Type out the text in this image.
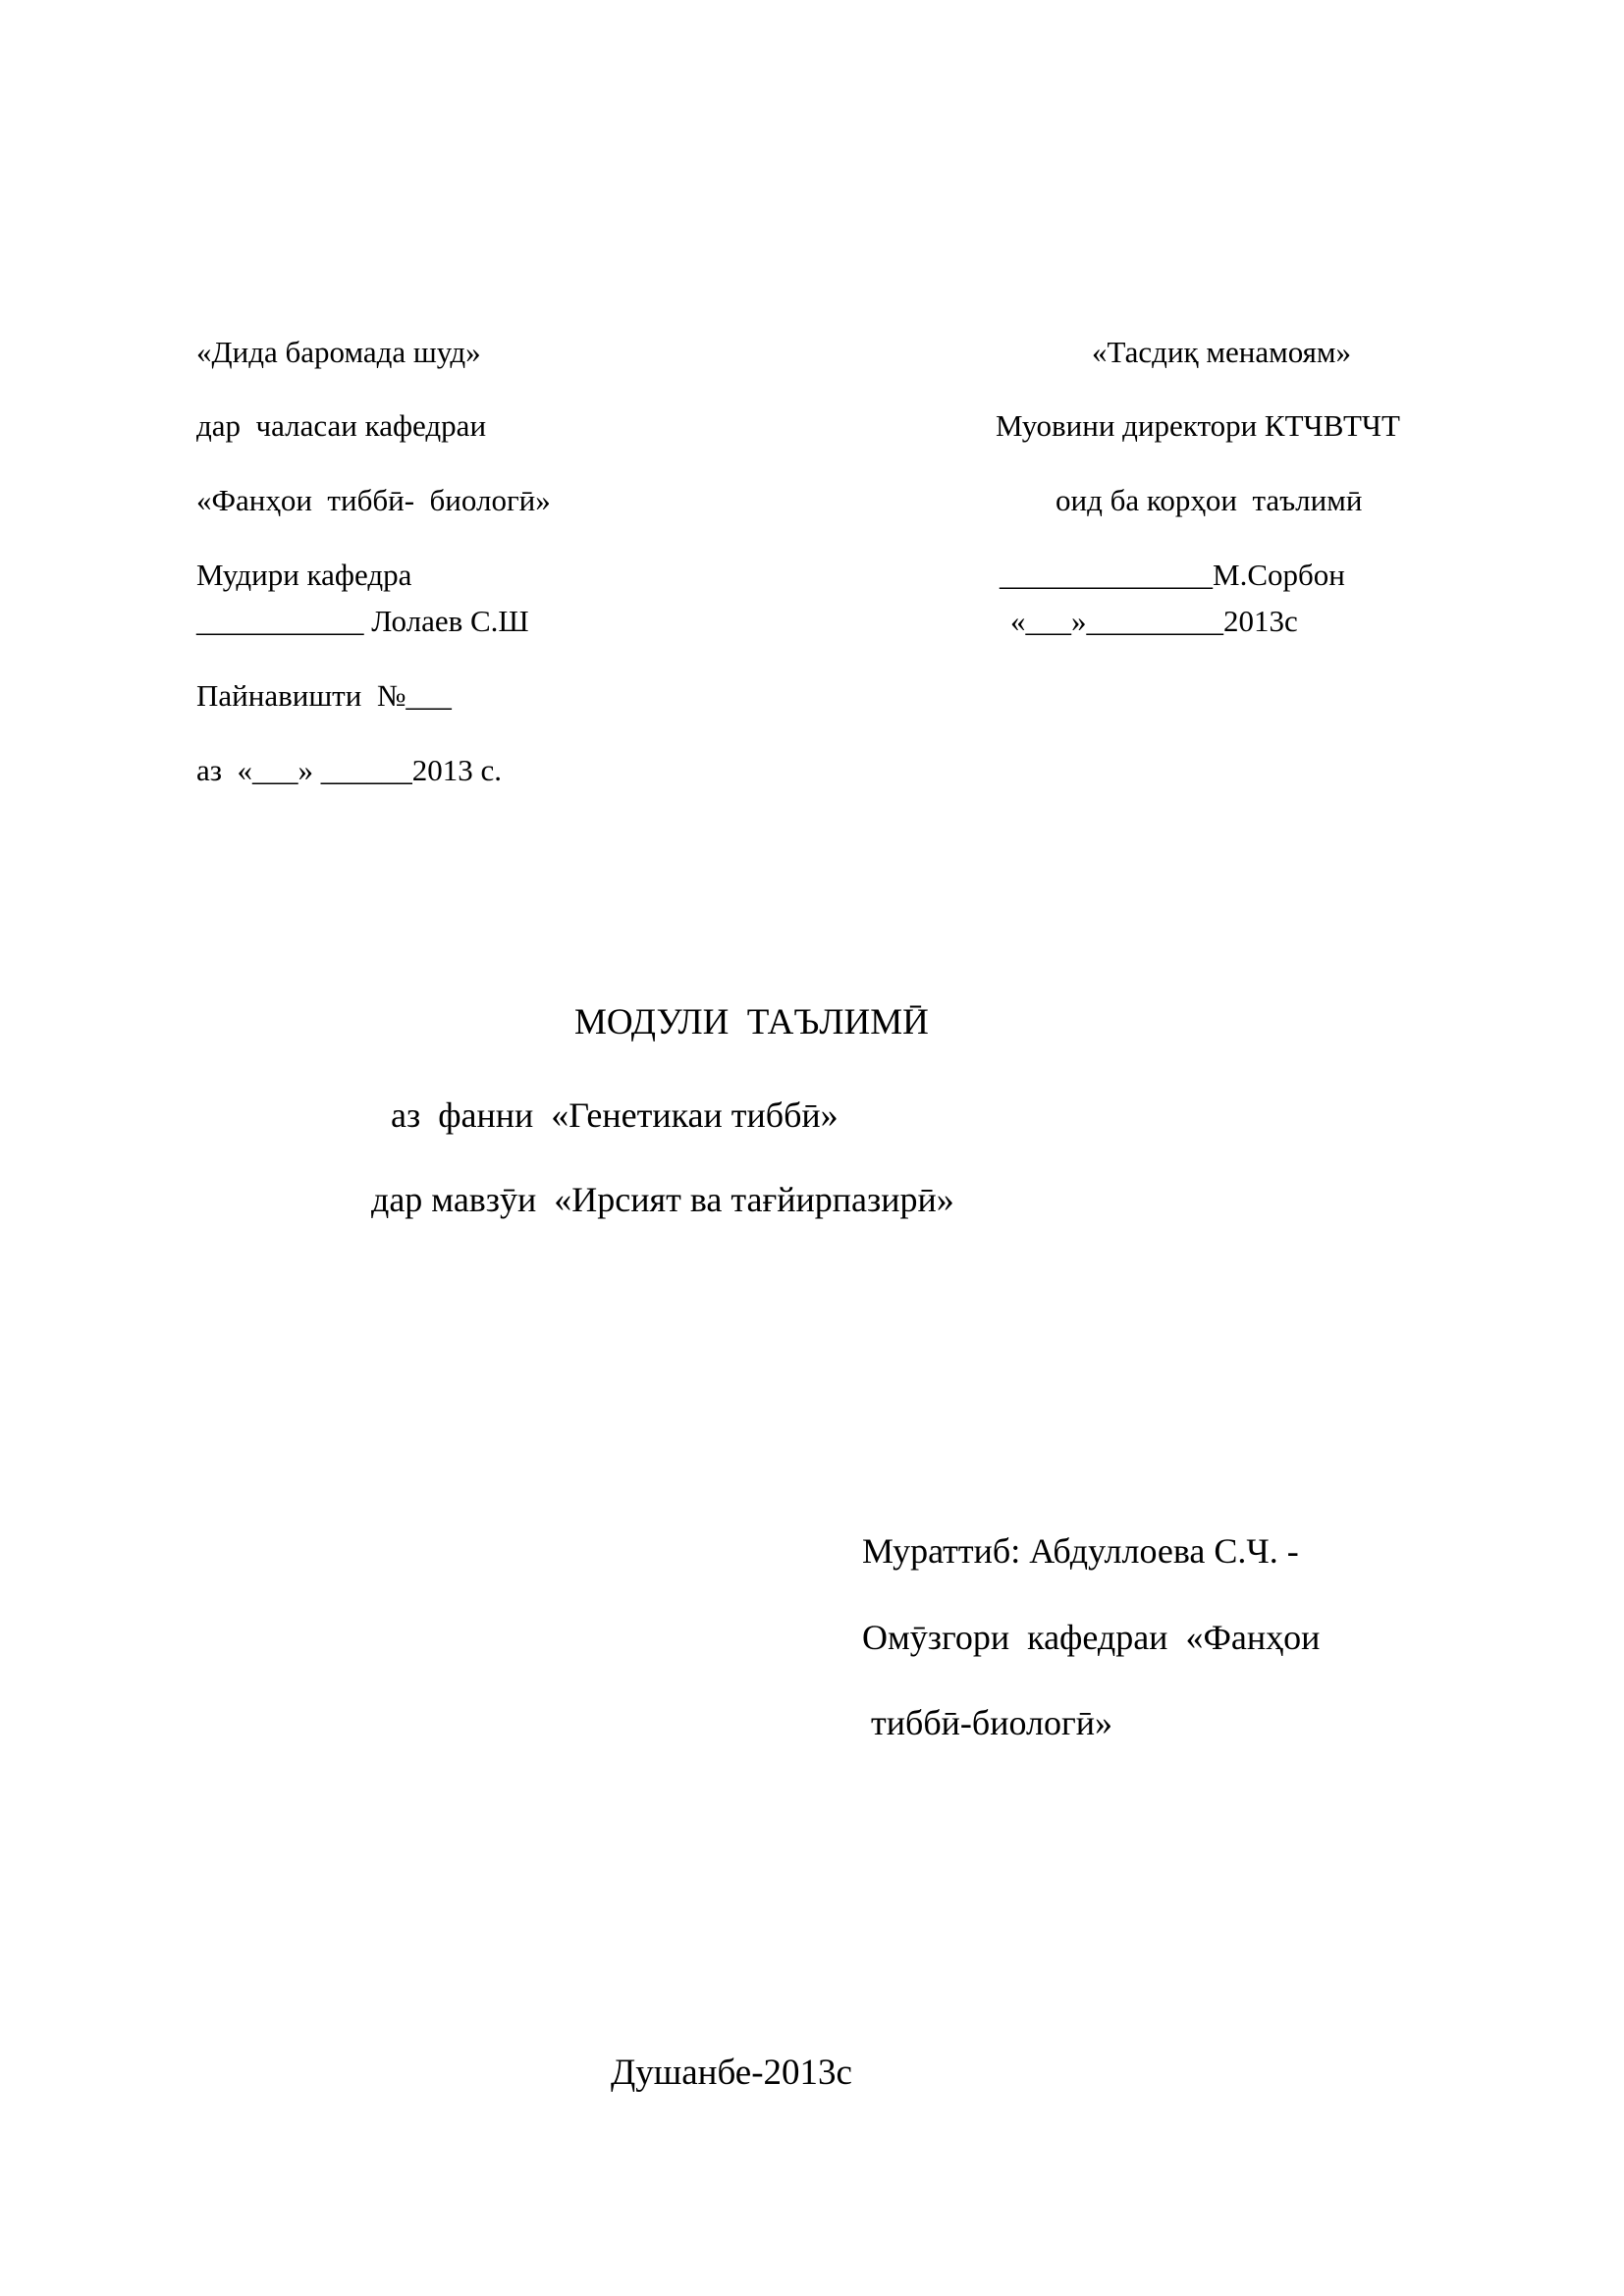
«Дида баромада шуд»
дар  чаласаи кафедраи
«Фанҳои  тиббӣ-  биологӣ»
Мудири кафедра
___________ Лолаев С.Ш
Пайнавишти  №___
аз  «___» ______2013 с.
«Тасдиқ менамоям»
Муовини директори КТЧВТЧТ
оид ба корҳои  таълимӣ
______________М.Сорбон
«___»_________2013с
МОДУЛИ  ТАЪЛИМӢ
аз  фанни  «Генетикаи тиббӣ»
дар мавзӯи  «Ирсият ва тағйирпазирӣ»
Мураттиб: Абдуллоева С.Ч. -
Омӯзгори  кафедраи  «Фанҳои
тиббӣ-биологӣ»
Душанбе-2013с
